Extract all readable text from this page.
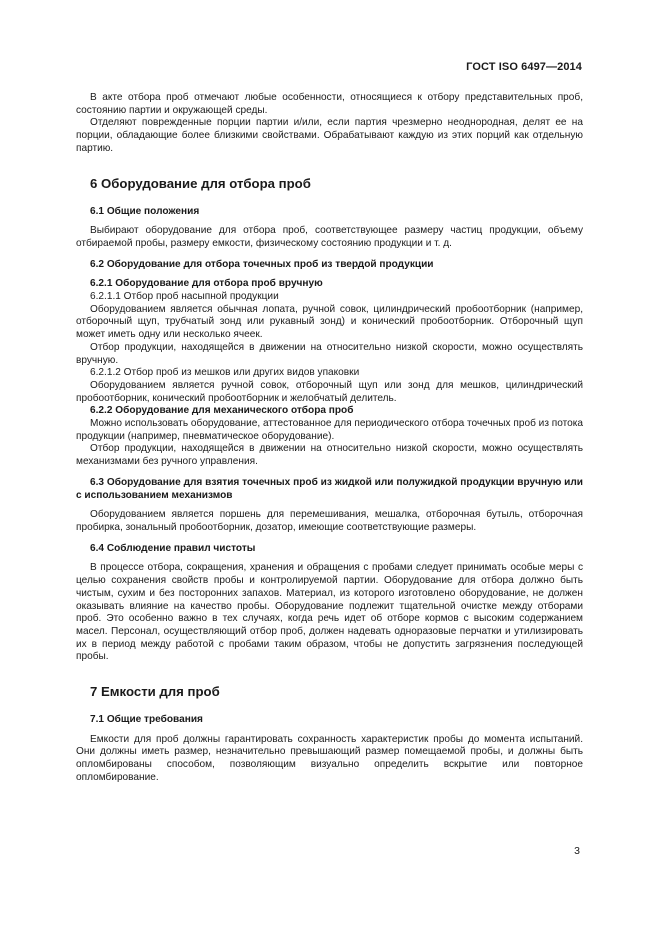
ГОСТ ISO 6497—2014

В акте отбора проб отмечают любые особенности, относящиеся к отбору представительных проб, состоянию партии и окружающей среды.

Отделяют поврежденные порции партии и/или, если партия чрезмерно неоднородная, делят ее на порции, обладающие более близкими свойствами. Обрабатывают каждую из этих порций как отдельную партию.

6 Оборудование для отбора проб
6.1 Общие положения

Выбирают оборудование для отбора проб, соответствующее размеру частиц продукции, объему отбираемой пробы, размеру емкости, физическому состоянию продукции и т. д.

6.2 Оборудование для отбора точечных проб из твердой продукции
6.2.1 Оборудование для отбора проб вручную
6.2.1.1 Отбор проб насыпной продукции

Оборудованием является обычная лопата, ручной совок, цилиндрический пробоотборник (например, отборочный щуп, трубчатый зонд или рукавный зонд) и конический пробоотборник. Отборочный щуп может иметь одну или несколько ячеек.

Отбор продукции, находящейся в движении на относительно низкой скорости, можно осуществлять вручную.

6.2.1.2 Отбор проб из мешков или других видов упаковки

Оборудованием является ручной совок, отборочный щуп или зонд для мешков, цилиндрический пробоотборник, конический пробоотборник и желобчатый делитель.

6.2.2 Оборудование для механического отбора проб

Можно использовать оборудование, аттестованное для периодического отбора точечных проб из потока продукции (например, пневматическое оборудование).

Отбор продукции, находящейся в движении на относительно низкой скорости, можно осуществлять механизмами без ручного управления.

6.3 Оборудование для взятия точечных проб из жидкой или полужидкой продукции вручную или с использованием механизмов

Оборудованием является поршень для перемешивания, мешалка, отборочная бутыль, отборочная пробирка, зональный пробоотборник, дозатор, имеющие соответствующие размеры.

6.4 Соблюдение правил чистоты

В процессе отбора, сокращения, хранения и обращения с пробами следует принимать особые меры с целью сохранения свойств пробы и контролируемой партии. Оборудование для отбора должно быть чистым, сухим и без посторонних запахов. Материал, из которого изготовлено оборудование, не должен оказывать влияние на качество пробы. Оборудование подлежит тщательной очистке между отборами проб. Это особенно важно в тех случаях, когда речь идет об отборе кормов с высоким содержанием масел. Персонал, осуществляющий отбор проб, должен надевать одноразовые перчатки и утилизировать их в период между работой с пробами таким образом, чтобы не допустить загрязнения последующей пробы.

7 Емкости для проб
7.1 Общие требования

Емкости для проб должны гарантировать сохранность характеристик пробы до момента испытаний. Они должны иметь размер, незначительно превышающий размер помещаемой пробы, и должны быть опломбированы способом, позволяющим визуально определить вскрытие или повторное опломбирование.

3
